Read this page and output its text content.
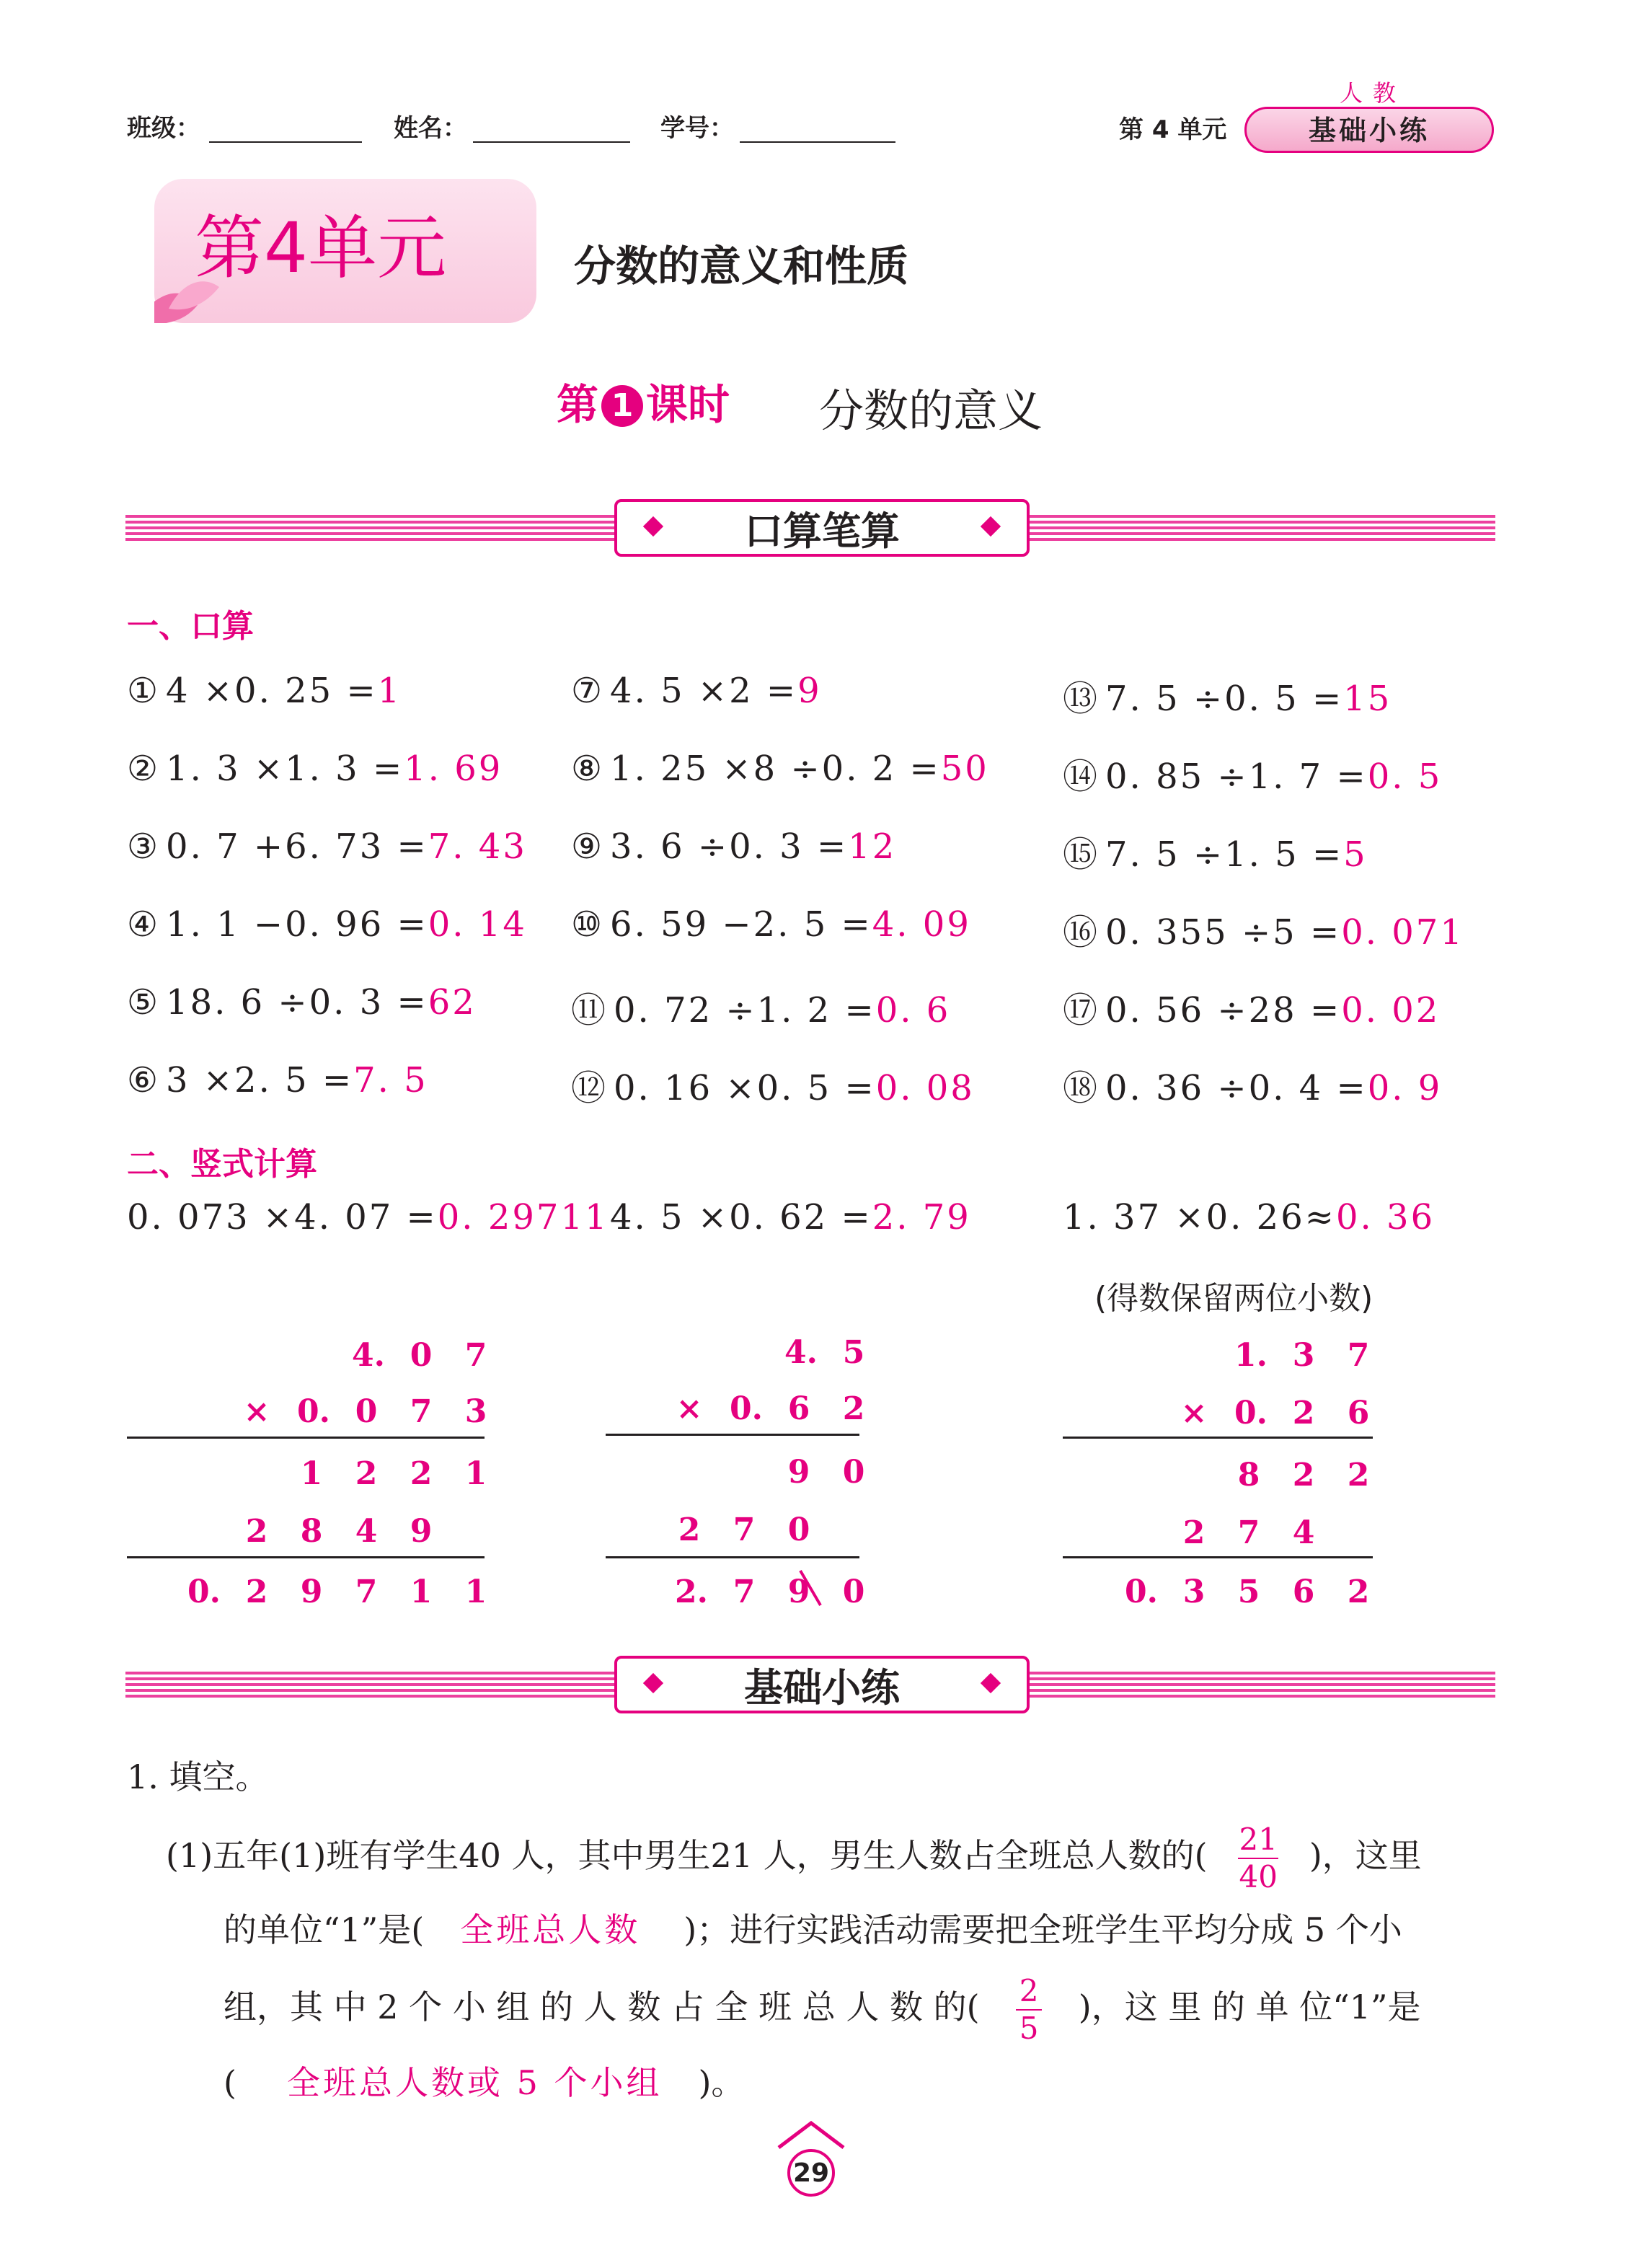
班级：	姓名：	学号：	第 4 单元
人教
基础小练
第4单元	分数的意义和性质
第 1 课时 分数的意义
口算笔算
一、口算
① 4 ×0. 25 =1
② 1. 3 ×1. 3 =1. 69
③ 0. 7 +6. 73 =7. 43
④ 1. 1 −0. 96 =0. 14
⑤ 18. 6 ÷0. 3 =62
⑥ 3 ×2. 5 =7. 5
⑦ 4. 5 ×2 =9
⑧ 1. 25 ×8 ÷0. 2 =50
⑨ 3. 6 ÷0. 3 =12
⑩ 6. 59 −2. 5 =4. 09
⑪ 0. 72 ÷1. 2 =0. 6
⑫ 0. 16 ×0. 5 =0. 08
⑬ 7. 5 ÷0. 5 =15
⑭ 0. 85 ÷1. 7 =0. 5
⑮ 7. 5 ÷1. 5 =5
⑯ 0. 355 ÷5 =0. 071
⑰ 0. 56 ÷28 =0. 02
⑱ 0. 36 ÷0. 4 =0. 9
二、竖式计算
0. 073 ×4. 07 =0. 29711 4. 5 ×0. 62 =2. 79	1. 37 ×0. 26≈0. 36
(得数保留两位小数)
4. 0 7
0. 0 7 3
×
1 2 2 1
2 8 4 9
0. 2 9 7 1 1
4. 5
0. 6 2
×
9 0
2 7 0
2. 7 9 0
1. 3 7
0. 2 6
×
8 2 2
2 7 4
0. 3 5 6 2
基础小练
1. 填空。
(1)五年(1)班有学生40 人，其中男生21 人，男生人数占全班总人数的( $\frac{21}{40}$ )，这里
的单位“1”是( 全班总人数 )；进行实践活动需要把全班学生平均分成 5 个小
组，其 中 2 个 小 组 的 人 数 占 全 班 总 人 数 的( $\frac{2}{5}$ )，这 里 的 单 位“1”是
( 全班总人数或 5 个小组 )。
29
